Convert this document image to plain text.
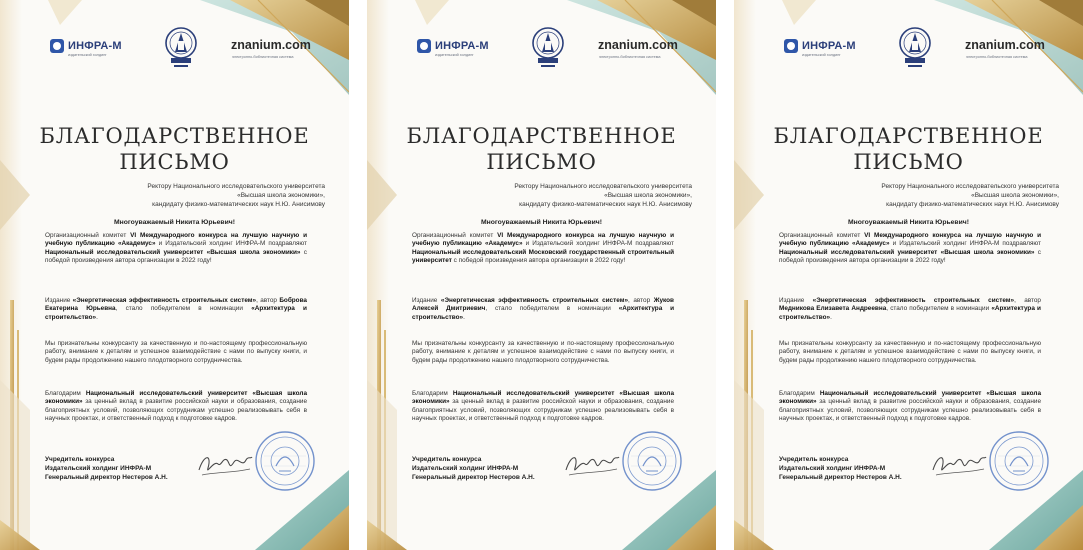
ИНФРА-М
издательский холдинг
znanium.com
электронно-библиотечная система
БЛАГОДАРСТВЕННОЕ
ПИСЬМО
Ректору Национального исследовательского университета
«Высшая школа экономики»,
кандидату физико-математических наук Н.Ю. Анисимову
Многоуважаемый Никита Юрьевич!

Организационный комитет VI Международного конкурса на лучшую научную и учебную публикацию «Академус» и Издательский холдинг ИНФРА-М поздравляют Национальный исследовательский университет «Высшая школа экономики» с победой произведения автора организации в 2022 году!

Издание «Энергетическая эффективность строительных систем», автор Боброва Екатерина Юрьевна, стало победителем в номинации «Архитектура и строительство».

Мы признательны конкурсанту за качественную и по-настоящему профессиональную работу, внимание к деталям и успешное взаимодействие с нами по выпуску книги, и будем рады продолжению нашего плодотворного сотрудничества.

Благодарим Национальный исследовательский университет «Высшая школа экономики» за ценный вклад в развитие российской науки и образования, создание благоприятных условий, позволяющих сотрудникам успешно реализовывать себя в научных проектах, и ответственный подход к подготовке кадров.

Учредитель конкурса
Издательский холдинг ИНФРА-М
Генеральный директор Нестеров А.Н.
ИНФРА-М
издательский холдинг
znanium.com
электронно-библиотечная система
БЛАГОДАРСТВЕННОЕ
ПИСЬМО
Ректору Национального исследовательского университета
«Высшая школа экономики»,
кандидату физико-математических наук Н.Ю. Анисимову
Многоуважаемый Никита Юрьевич!

Организационный комитет VI Международного конкурса на лучшую научную и учебную публикацию «Академус» и Издательский холдинг ИНФРА-М поздравляют Национальный исследовательский Московский государственный строительный университет с победой произведения автора организации в 2022 году!

Издание «Энергетическая эффективность строительных систем», автор Жуков Алексей Дмитриевич, стало победителем в номинации «Архитектура и строительство».

Мы признательны конкурсанту за качественную и по-настоящему профессиональную работу, внимание к деталям и успешное взаимодействие с нами по выпуску книги, и будем рады продолжению нашего плодотворного сотрудничества.

Благодарим Национальный исследовательский университет «Высшая школа экономики» за ценный вклад в развитие российской науки и образования, создание благоприятных условий, позволяющих сотрудникам успешно реализовывать себя в научных проектах, и ответственный подход к подготовке кадров.

Учредитель конкурса
Издательский холдинг ИНФРА-М
Генеральный директор Нестеров А.Н.
ИНФРА-М
издательский холдинг
znanium.com
электронно-библиотечная система
БЛАГОДАРСТВЕННОЕ
ПИСЬМО
Ректору Национального исследовательского университета
«Высшая школа экономики»,
кандидату физико-математических наук Н.Ю. Анисимову
Многоуважаемый Никита Юрьевич!

Организационный комитет VI Международного конкурса на лучшую научную и учебную публикацию «Академус» и Издательский холдинг ИНФРА-М поздравляют Национальный исследовательский университет «Высшая школа экономики» с победой произведения автора организации в 2022 году!

Издание «Энергетическая эффективность строительных систем», автор Медникова Елизавета Андреевна, стало победителем в номинации «Архитектура и строительство».

Мы признательны конкурсанту за качественную и по-настоящему профессиональную работу, внимание к деталям и успешное взаимодействие с нами по выпуску книги, и будем рады продолжению нашего плодотворного сотрудничества.

Благодарим Национальный исследовательский университет «Высшая школа экономики» за ценный вклад в развитие российской науки и образования, создание благоприятных условий, позволяющих сотрудникам успешно реализовывать себя в научных проектах, и ответственный подход к подготовке кадров.

Учредитель конкурса
Издательский холдинг ИНФРА-М
Генеральный директор Нестеров А.Н.
